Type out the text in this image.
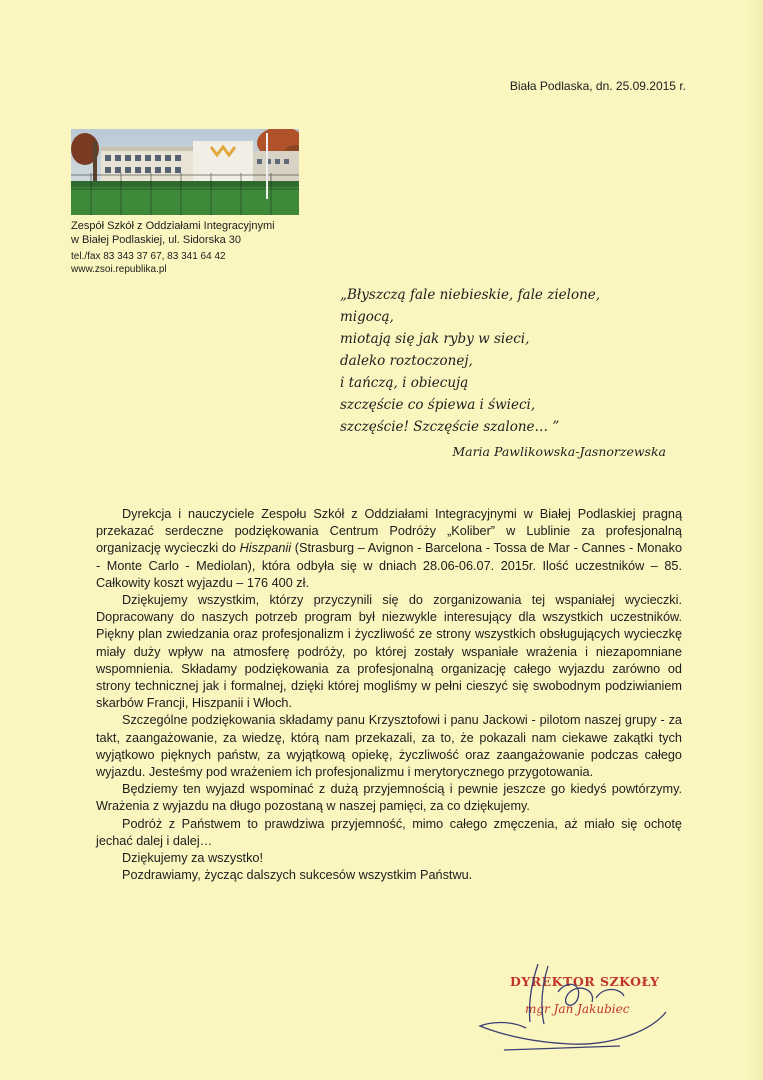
Biała Podlaska, dn. 25.09.2015 r.
Zespół Szkół z Oddziałami Integracyjnymi
w Białej Podlaskiej, ul. Sidorska 30
tel./fax 83 343 37 67, 83 341 64 42
www.zsoi.republika.pl
„Błyszczą fale niebieskie, fale zielone,
migocą,
miotają się jak ryby w sieci,
daleko roztoczonej,
i tańczą, i obiecują
szczęście co śpiewa i świeci,
szczęście! Szczęście szalone… ”
Maria Pawlikowska-Jasnorzewska

Dyrekcja i nauczyciele Zespołu Szkół z Oddziałami Integracyjnymi w Białej Podlaskiej pragną przekazać serdeczne podziękowania Centrum Podróży „Koliber” w Lublinie za profesjonalną organizację wycieczki do Hiszpanii (Strasburg – Avignon - Barcelona - Tossa de Mar - Cannes - Monako - Monte Carlo - Mediolan), która odbyła się w dniach 28.06-06.07. 2015r. Ilość uczestników – 85. Całkowity koszt wyjazdu – 176 400 zł.

Dziękujemy wszystkim, którzy przyczynili się do zorganizowania tej wspaniałej wycieczki. Dopracowany do naszych potrzeb program był niezwykle interesujący dla wszystkich uczestników. Piękny plan zwiedzania oraz profesjonalizm i życzliwość ze strony wszystkich obsługujących wycieczkę miały duży wpływ na atmosferę podróży, po której zostały wspaniałe wrażenia i niezapomniane wspomnienia. Składamy podziękowania za profesjonalną organizację całego wyjazdu zarówno od strony technicznej jak i formalnej, dzięki której mogliśmy w pełni cieszyć się swobodnym podziwianiem skarbów Francji, Hiszpanii i Włoch.

Szczególne podziękowania składamy panu Krzysztofowi i panu Jackowi - pilotom naszej grupy - za takt, zaangażowanie, za wiedzę, którą nam przekazali, za to, że pokazali nam ciekawe zakątki tych wyjątkowo pięknych państw, za wyjątkową opiekę, życzliwość oraz zaangażowanie podczas całego wyjazdu. Jesteśmy pod wrażeniem ich profesjonalizmu i merytorycznego przygotowania.

Będziemy ten wyjazd wspominać z dużą przyjemnością i pewnie jeszcze go kiedyś powtórzymy. Wrażenia z wyjazdu na długo pozostaną w naszej pamięci, za co dziękujemy.

Podróż z Państwem to prawdziwa przyjemność, mimo całego zmęczenia, aż miało się ochotę jechać dalej i dalej…

Dziękujemy za wszystko!

Pozdrawiamy, życząc dalszych sukcesów wszystkim Państwu.

DYREKTOR SZKOŁY
mgr Jan Jakubiec
